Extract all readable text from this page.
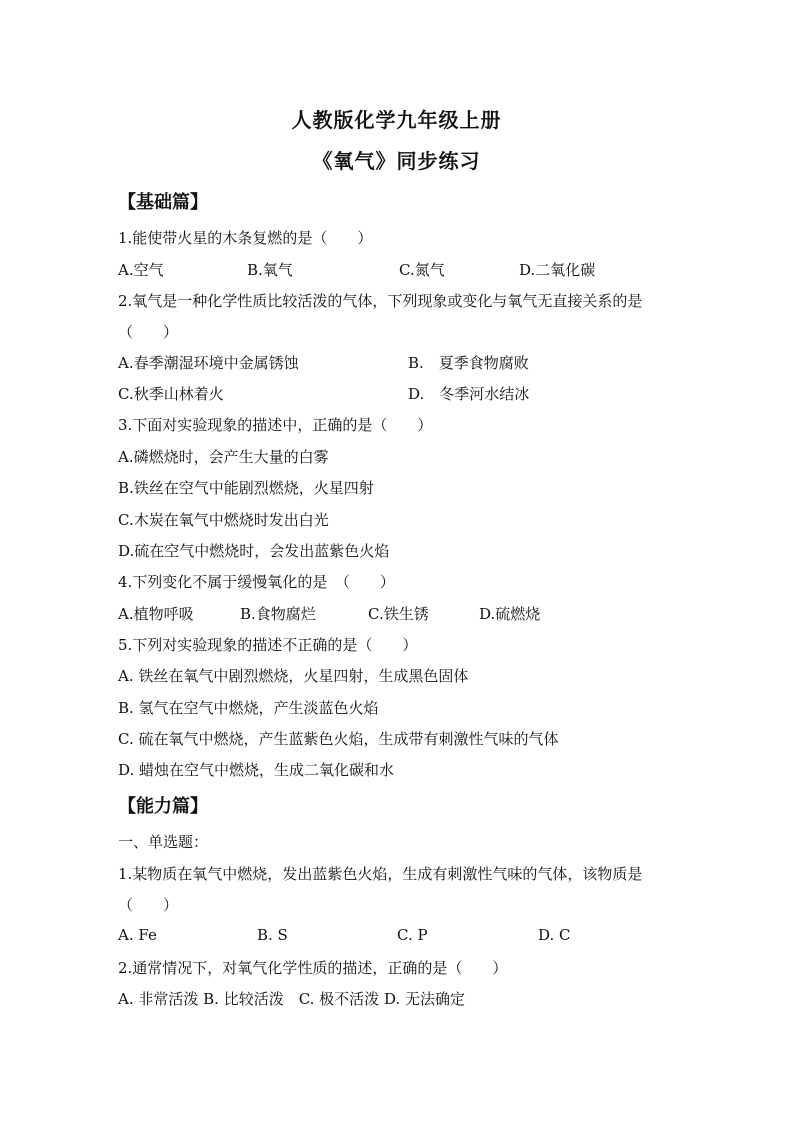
人教版化学九年级上册
《氧气》同步练习
【基础篇】
1.能使带火星的木条复燃的是（　　）
A.空气	B.氧气	C.氮气	D.二氧化碳
2.氧气是一种化学性质比较活泼的气体，下列现象或变化与氧气无直接关系的是
（　　）
A.春季潮湿环境中金属锈蚀	B.　夏季食物腐败
C.秋季山林着火	D.　冬季河水结冰
3.下面对实验现象的描述中，正确的是（　　）
A.磷燃烧时，会产生大量的白雾
B.铁丝在空气中能剧烈燃烧，火星四射
C.木炭在氧气中燃烧时发出白光
D.硫在空气中燃烧时，会发出蓝紫色火焰
4.下列变化不属于缓慢氧化的是　（　　）
A.植物呼吸	B.食物腐烂	C.铁生锈	D.硫燃烧
5.下列对实验现象的描述不正确的是（　　）
A. 铁丝在氧气中剧烈燃烧，火星四射，生成黑色固体
B. 氢气在空气中燃烧，产生淡蓝色火焰
C. 硫在氧气中燃烧，产生蓝紫色火焰，生成带有刺激性气味的气体
D. 蜡烛在空气中燃烧，生成二氧化碳和水
【能力篇】
一、单选题：
1.某物质在氧气中燃烧，发出蓝紫色火焰，生成有刺激性气味的气体，该物质是
（　　）
A. Fe	B. S	C. P	D. C
2.通常情况下，对氧气化学性质的描述，正确的是（　　）
A. 非常活泼 B. 比较活泼　C. 极不活泼 D. 无法确定
